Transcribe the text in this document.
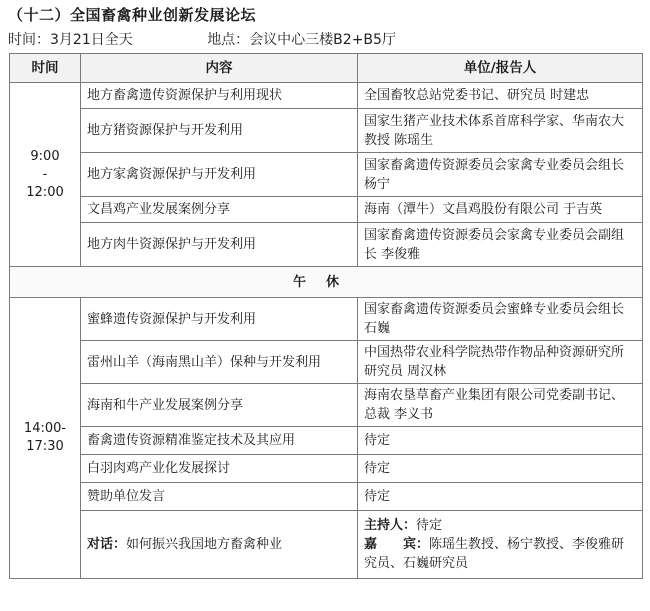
（十二）全国畜禽种业创新发展论坛
时间：3月21日全天	地点：会议中心三楼B2+B5厅
时间	内容	单位/报告人
9:00
-
12:00	地方畜禽遗传资源保护与利用现状	全国畜牧总站党委书记、研究员 时建忠
	地方猪资源保护与开发利用	国家生猪产业技术体系首席科学家、华南农大教授 陈瑶生
	地方家禽资源保护与开发利用	国家畜禽遗传资源委员会家禽专业委员会组长 杨宁
	文昌鸡产业发展案例分享	海南（潭牛）文昌鸡股份有限公司 于吉英
	地方肉牛资源保护与开发利用	国家畜禽遗传资源委员会家禽专业委员会副组长 李俊雅
午休		
14:00-
17:30	蜜蜂遗传资源保护与开发利用	国家畜禽遗传资源委员会蜜蜂专业委员会组长 石巍
	雷州山羊（海南黑山羊）保种与开发利用	中国热带农业科学院热带作物品种资源研究所研究员 周汉林
	海南和牛产业发展案例分享	海南农垦草畜产业集团有限公司党委副书记、总裁 李义书
	畜禽遗传资源精准鉴定技术及其应用	待定
	白羽肉鸡产业化发展探讨	待定
	赞助单位发言	待定
	对话：如何振兴我国地方畜禽种业	主持人：待定
嘉　　宾：陈瑶生教授、杨宁教授、李俊雅研究员、石巍研究员
